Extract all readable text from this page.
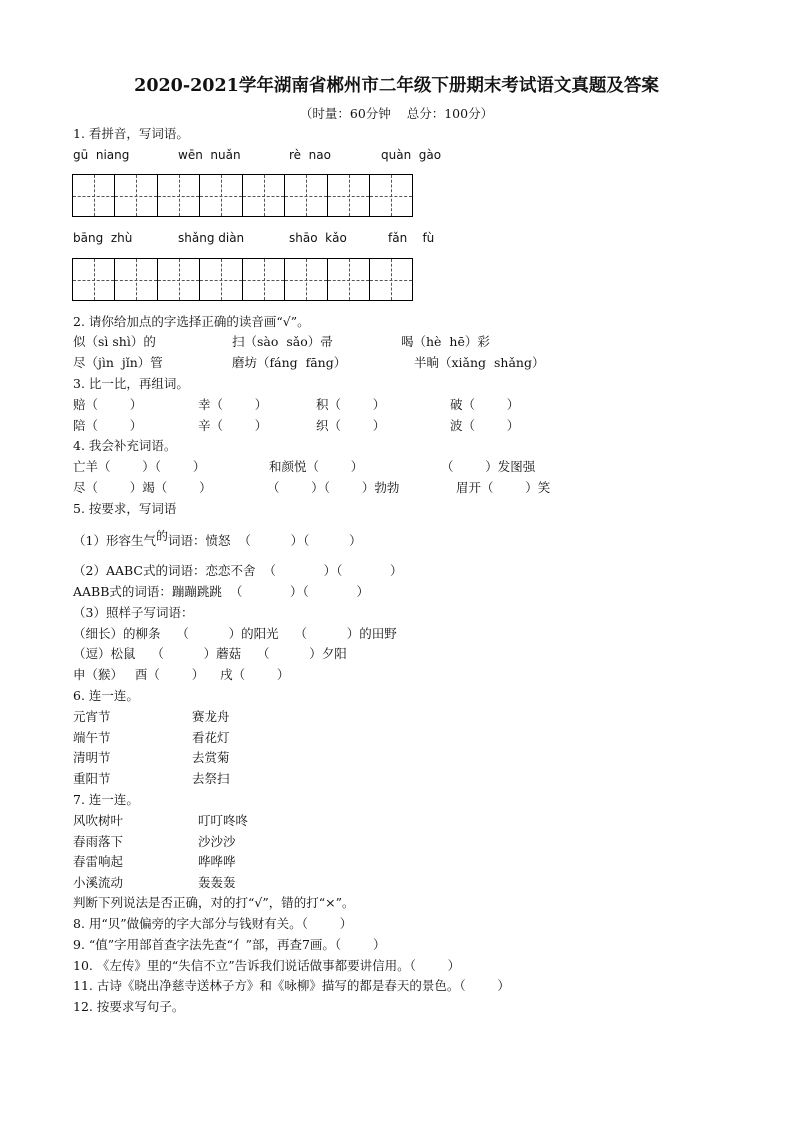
2020-2021学年湖南省郴州市二年级下册期末考试语文真题及答案
（时量：60分钟    总分：100分）
1. 看拼音，写词语。
gū  niang	wēn  nuǎn	rè  nao	quàn  gào
bāng  zhù	shǎng diàn	shāo  kǎo	fǎn    fù
2. 请你给加点的字选择正确的读音画“√”。
似（sì shì）的	扫（sào  sǎo）帚	喝（hè  hē）彩
尽（jìn  jǐn）管	磨坊（fáng  fāng）	半晌（xiǎng  shǎng）
3. 比一比，再组词。
赔（        ）	幸（        ）	积（        ）	破（        ）
陪（        ）	辛（        ）	织（        ）	波（        ）
4. 我会补充词语。
亡羊（        ）（        ）	和颜悦（        ）	（        ）发图强
尽（        ）竭（        ）	（        ）（        ）勃勃	眉开（        ）笑
5. 按要求，写词语
（1）形容生气的词语：愤怒  （          ）（          ）
（2）AABC式的词语：恋恋不舍  （            ）（            ）
AABB式的词语：蹦蹦跳跳  （            ）（            ）
（3）照样子写词语：
（细长）的柳条    （          ）的阳光    （          ）的田野
（逗）松鼠    （          ）蘑菇    （          ）夕阳
申（猴）   酉（        ）    戌（        ）
6. 连一连。
元宵节	赛龙舟
端午节	看花灯
清明节	去赏菊
重阳节	去祭扫
7. 连一连。
风吹树叶	叮叮咚咚
春雨落下	沙沙沙
春雷响起	哗哗哗
小溪流动	轰轰轰
判断下列说法是否正确，对的打“√”，错的打“×”。
8. 用“贝”做偏旁的字大部分与钱财有关。（        ）
9. “值”字用部首查字法先查“亻”部，再查7画。（        ）
10. 《左传》里的“失信不立”告诉我们说话做事都要讲信用。（        ）
11. 古诗《晓出净慈寺送林子方》和《咏柳》描写的都是春天的景色。（        ）
12. 按要求写句子。
